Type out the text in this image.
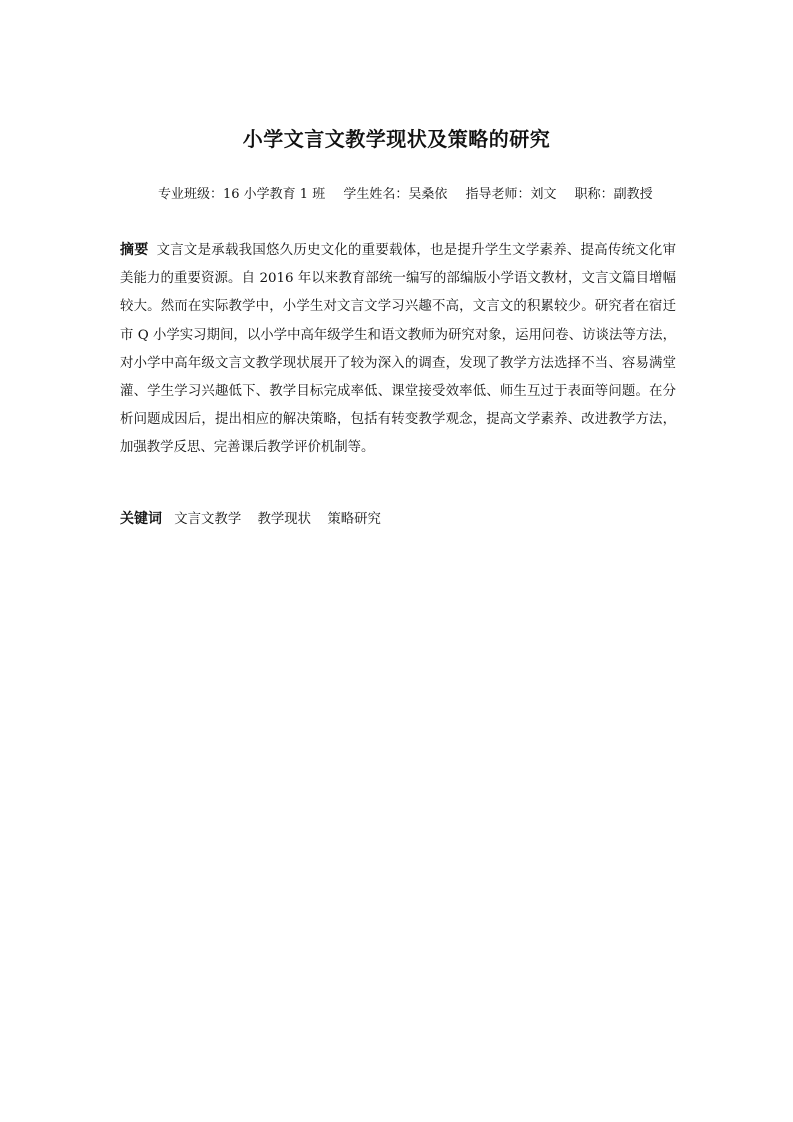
小学文言文教学现状及策略的研究
专业班级：16 小学教育 1 班 学生姓名：吴桑依 指导老师：刘文 职称：副教授
摘要 文言文是承载我国悠久历史文化的重要载体，也是提升学生文学素养、提高传统文化审美能力的重要资源。自 2016 年以来教育部统一编写的部编版小学语文教材，文言文篇目增幅较大。然而在实际教学中，小学生对文言文学习兴趣不高，文言文的积累较少。研究者在宿迁市 Q 小学实习期间，以小学中高年级学生和语文教师为研究对象，运用问卷、访谈法等方法，对小学中高年级文言文教学现状展开了较为深入的调查，发现了教学方法选择不当、容易满堂灌、学生学习兴趣低下、教学目标完成率低、课堂接受效率低、师生互过于表面等问题。在分析问题成因后，提出相应的解决策略，包括有转变教学观念，提高文学素养、改进教学方法，加强教学反思、完善课后教学评价机制等。
关键词 文言文教学 教学现状 策略研究
